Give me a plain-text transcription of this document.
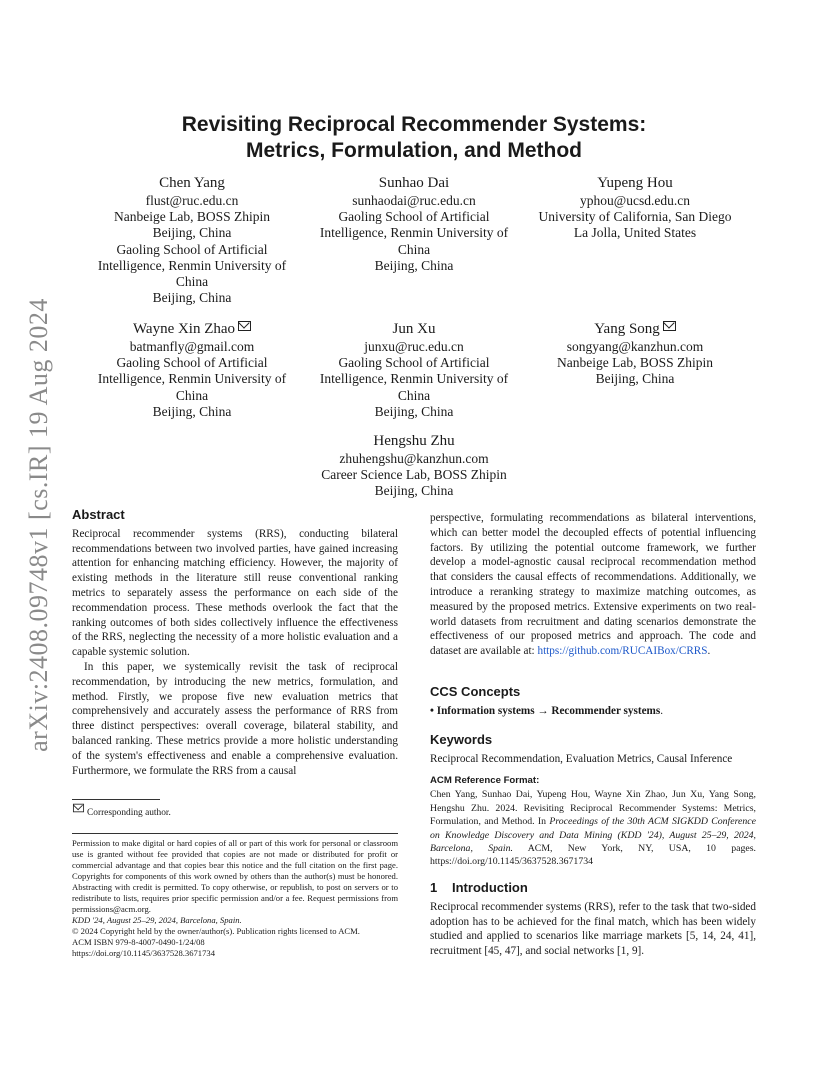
arXiv:2408.09748v1 [cs.IR] 19 Aug 2024
Revisiting Reciprocal Recommender Systems:
Metrics, Formulation, and Method
Chen Yang
flust@ruc.edu.cn
Nanbeige Lab, BOSS Zhipin
Beijing, China
Gaoling School of Artificial
Intelligence, Renmin University of
China
Beijing, China
Sunhao Dai
sunhaodai@ruc.edu.cn
Gaoling School of Artificial
Intelligence, Renmin University of
China
Beijing, China
Yupeng Hou
yphou@ucsd.edu.cn
University of California, San Diego
La Jolla, United States
Wayne Xin Zhao
batmanfly@gmail.com
Gaoling School of Artificial
Intelligence, Renmin University of
China
Beijing, China
Jun Xu
junxu@ruc.edu.cn
Gaoling School of Artificial
Intelligence, Renmin University of
China
Beijing, China
Yang Song
songyang@kanzhun.com
Nanbeige Lab, BOSS Zhipin
Beijing, China
Hengshu Zhu
zhuhengshu@kanzhun.com
Career Science Lab, BOSS Zhipin
Beijing, China
Abstract

Reciprocal recommender systems (RRS), conducting bilateral recommendations between two involved parties, have gained increasing attention for enhancing matching efficiency. However, the majority of existing methods in the literature still reuse conventional ranking metrics to separately assess the performance on each side of the recommendation process. These methods overlook the fact that the ranking outcomes of both sides collectively influence the effectiveness of the RRS, neglecting the necessity of a more holistic evaluation and a capable systemic solution.

In this paper, we systemically revisit the task of reciprocal recommendation, by introducing the new metrics, formulation, and method. Firstly, we propose five new evaluation metrics that comprehensively and accurately assess the performance of RRS from three distinct perspectives: overall coverage, bilateral stability, and balanced ranking. These metrics provide a more holistic understanding of the system's effectiveness and enable a comprehensive evaluation. Furthermore, we formulate the RRS from a causal

Corresponding author.
Permission to make digital or hard copies of all or part of this work for personal or classroom use is granted without fee provided that copies are not made or distributed for profit or commercial advantage and that copies bear this notice and the full citation on the first page. Copyrights for components of this work owned by others than the author(s) must be honored. Abstracting with credit is permitted. To copy otherwise, or republish, to post on servers or to redistribute to lists, requires prior specific permission and/or a fee. Request permissions from permissions@acm.org.
KDD '24, August 25–29, 2024, Barcelona, Spain.
© 2024 Copyright held by the owner/author(s). Publication rights licensed to ACM.
ACM ISBN 979-8-4007-0490-1/24/08
https://doi.org/10.1145/3637528.3671734

perspective, formulating recommendations as bilateral interventions, which can better model the decoupled effects of potential influencing factors. By utilizing the potential outcome framework, we further develop a model-agnostic causal reciprocal recommendation method that considers the causal effects of recommendations. Additionally, we introduce a reranking strategy to maximize matching outcomes, as measured by the proposed metrics. Extensive experiments on two real-world datasets from recruitment and dating scenarios demonstrate the effectiveness of our proposed metrics and approach. The code and dataset are available at: https://github.com/RUCAIBox/CRRS.

CCS Concepts
• Information systems → Recommender systems.
Keywords
Reciprocal Recommendation, Evaluation Metrics, Causal Inference
ACM Reference Format:
Chen Yang, Sunhao Dai, Yupeng Hou, Wayne Xin Zhao, Jun Xu, Yang Song, Hengshu Zhu. 2024. Revisiting Reciprocal Recommender Systems: Metrics, Formulation, and Method. In Proceedings of the 30th ACM SIGKDD Conference on Knowledge Discovery and Data Mining (KDD '24), August 25–29, 2024, Barcelona, Spain. ACM, New York, NY, USA, 10 pages. https://doi.org/10.1145/3637528.3671734
1 Introduction

Reciprocal recommender systems (RRS), refer to the task that two-sided adoption has to be achieved for the final match, which has been widely studied and applied to scenarios like marriage markets [5, 14, 24, 41], recruitment [45, 47], and social networks [1, 9].
